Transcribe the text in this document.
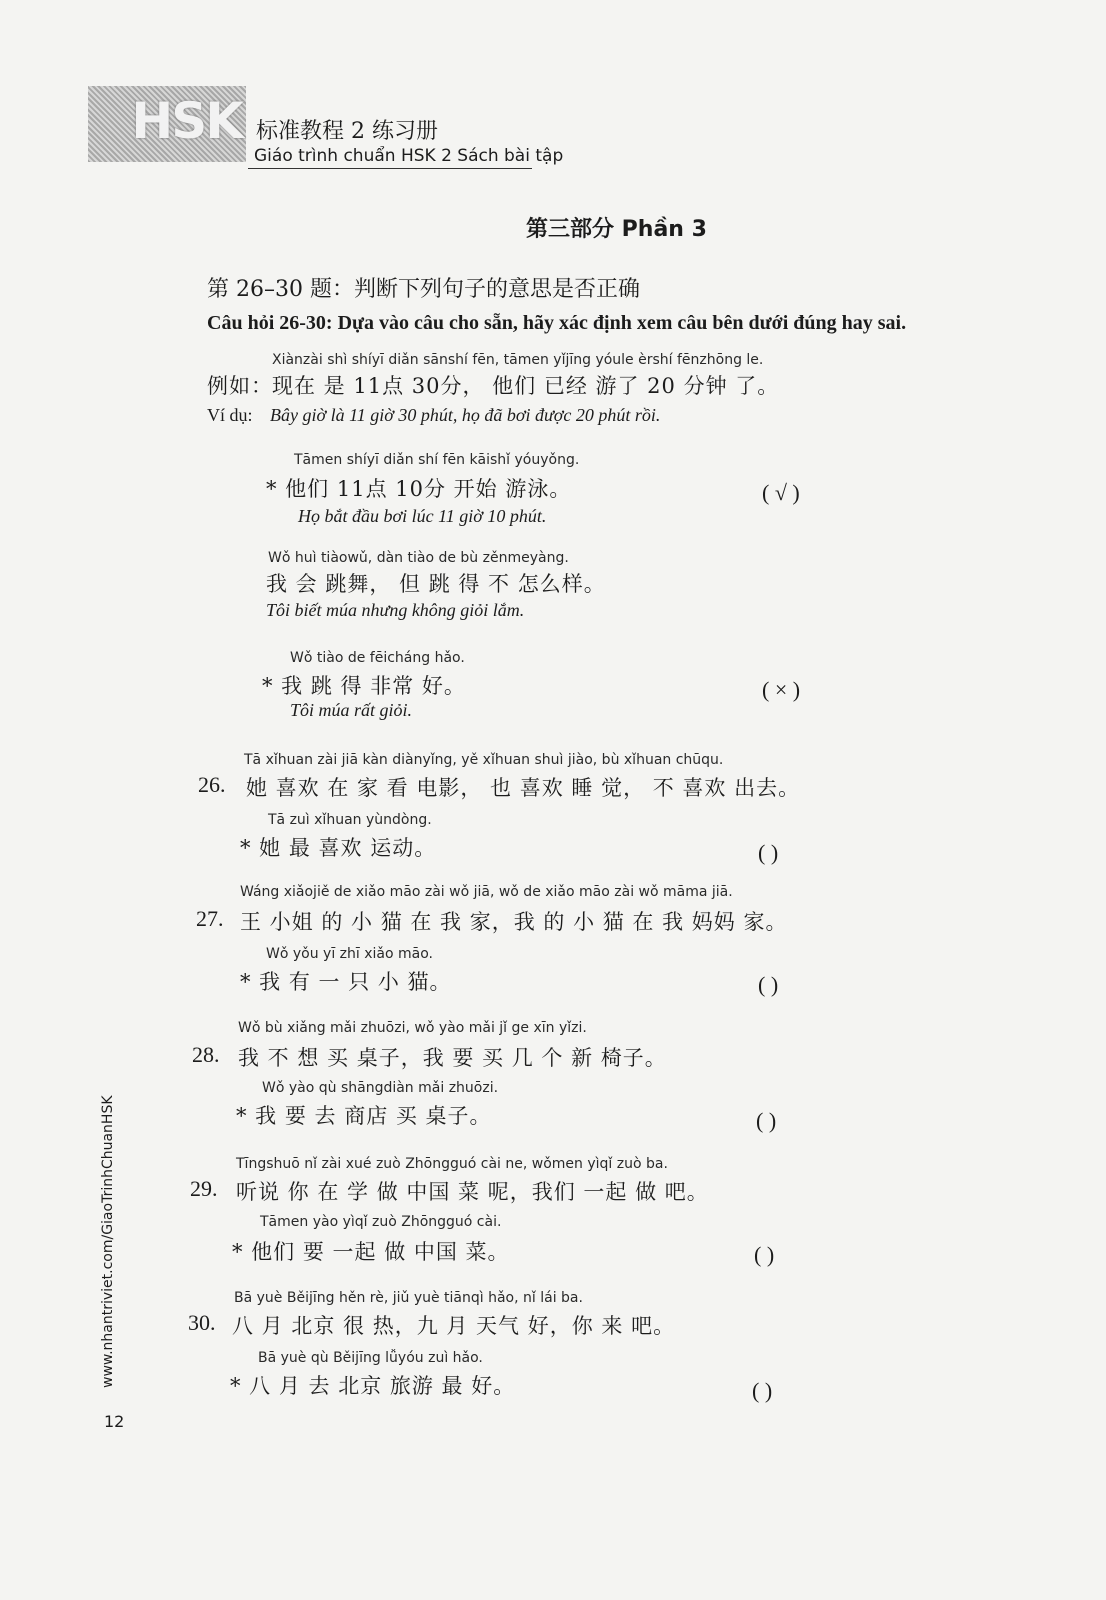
HSK 标准教程 2 练习册
Giáo trình chuẩn HSK 2 Sách bài tập
第三部分 Phần 3
第 26–30 题：判断下列句子的意思是否正确
Câu hỏi 26-30: Dựa vào câu cho sẵn, hãy xác định xem câu bên dưới đúng hay sai.
Xiànzài shì shíyī diǎn sānshí fēn, tāmen yǐjīng yóule èrshí fēnzhōng le.
例如： 现在 是 11点 30分， 他们 已经 游了 20 分钟 了。
Ví dụ: Bây giờ là 11 giờ 30 phút, họ đã bơi được 20 phút rồi.
Tāmen shíyī diǎn shí fēn kāishǐ yóuyǒng.
* 他们 11点 10分 开始 游泳。
Họ bắt đầu bơi lúc 11 giờ 10 phút.
( √ )
Wǒ huì tiàowǔ, dàn tiào de bù zěnmeyàng.
我 会 跳舞， 但 跳 得 不 怎么样。
Tôi biết múa nhưng không giỏi lắm.
Wǒ tiào de fēicháng hǎo.
* 我 跳 得 非常 好。
Tôi múa rất giỏi.
( × )
Tā xǐhuan zài jiā kàn diànyǐng, yě xǐhuan shuì jiào, bù xǐhuan chūqu.
26. 她 喜欢 在 家 看 电影， 也 喜欢 睡 觉， 不 喜欢 出去。
Tā zuì xǐhuan yùndòng.
* 她 最 喜欢 运动。	( )
Wáng xiǎojiě de xiǎo māo zài wǒ jiā, wǒ de xiǎo māo zài wǒ māma jiā.
27. 王 小姐 的 小 猫 在 我 家，我 的 小 猫 在 我 妈妈 家。
Wǒ yǒu yī zhī xiǎo māo.
* 我 有 一 只 小 猫。	( )
Wǒ bù xiǎng mǎi zhuōzi, wǒ yào mǎi jǐ ge xīn yǐzi.
28. 我 不 想 买 桌子，我 要 买 几 个 新 椅子。
Wǒ yào qù shāngdiàn mǎi zhuōzi.
* 我 要 去 商店 买 桌子。	( )
Tīngshuō nǐ zài xué zuò Zhōngguó cài ne, wǒmen yìqǐ zuò ba.
29. 听说 你 在 学 做 中国 菜 呢，我们 一起 做 吧。
Tāmen yào yìqǐ zuò Zhōngguó cài.
* 他们 要 一起 做 中国 菜。	( )
Bā yuè Běijīng hěn rè, jiǔ yuè tiānqì hǎo, nǐ lái ba.
30. 八 月 北京 很 热，九 月 天气 好，你 来 吧。
Bā yuè qù Běijīng lǚyóu zuì hǎo.
* 八 月 去 北京 旅游 最 好。	( )
www.nhantriviet.com/GiaoTrinhChuanHSK
12
